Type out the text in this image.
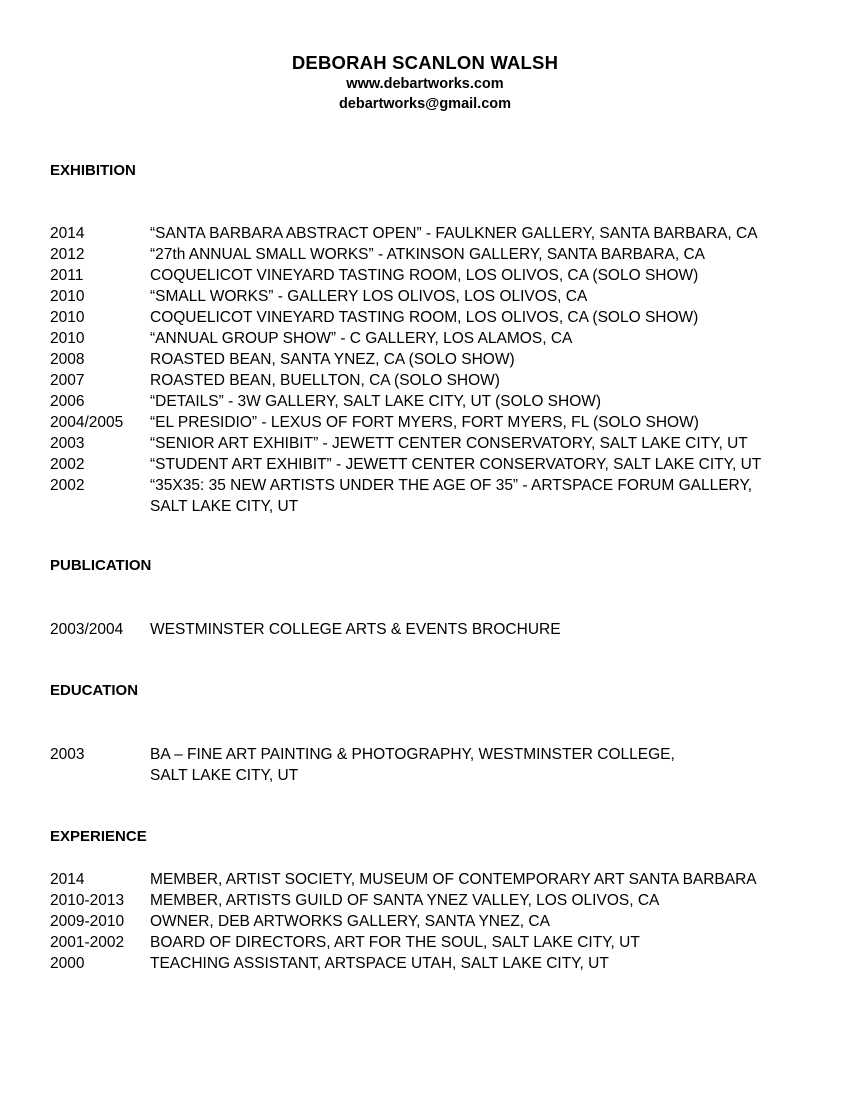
DEBORAH SCANLON WALSH
www.debartworks.com
debartworks@gmail.com
EXHIBITION
2014	“SANTA BARBARA ABSTRACT OPEN” - FAULKNER GALLERY, SANTA BARBARA, CA
2012	“27th ANNUAL SMALL WORKS” - ATKINSON GALLERY, SANTA BARBARA, CA
2011	COQUELICOT VINEYARD TASTING ROOM, LOS OLIVOS, CA (SOLO SHOW)
2010	“SMALL WORKS” - GALLERY LOS OLIVOS, LOS OLIVOS, CA
2010	COQUELICOT VINEYARD TASTING ROOM, LOS OLIVOS, CA (SOLO SHOW)
2010	“ANNUAL GROUP SHOW” - C GALLERY, LOS ALAMOS, CA
2008	ROASTED BEAN, SANTA YNEZ, CA (SOLO SHOW)
2007	ROASTED BEAN, BUELLTON, CA (SOLO SHOW)
2006	“DETAILS” - 3W GALLERY, SALT LAKE CITY, UT (SOLO SHOW)
2004/2005	“EL PRESIDIO” - LEXUS OF FORT MYERS, FORT MYERS, FL (SOLO SHOW)
2003	“SENIOR ART EXHIBIT” - JEWETT CENTER CONSERVATORY, SALT LAKE CITY, UT
2002	“STUDENT ART EXHIBIT” - JEWETT CENTER CONSERVATORY, SALT LAKE CITY, UT
2002	“35X35: 35 NEW ARTISTS UNDER THE AGE OF 35” - ARTSPACE FORUM GALLERY,
SALT LAKE CITY, UT
PUBLICATION
2003/2004	WESTMINSTER COLLEGE ARTS & EVENTS BROCHURE
EDUCATION
2003	BA – FINE ART PAINTING & PHOTOGRAPHY, WESTMINSTER COLLEGE,
SALT LAKE CITY, UT
EXPERIENCE
2014	MEMBER, ARTIST SOCIETY, MUSEUM OF CONTEMPORARY ART SANTA BARBARA
2010-2013	MEMBER, ARTISTS GUILD OF SANTA YNEZ VALLEY, LOS OLIVOS, CA
2009-2010	OWNER, DEB ARTWORKS GALLERY, SANTA YNEZ, CA
2001-2002	BOARD OF DIRECTORS, ART FOR THE SOUL, SALT LAKE CITY, UT
2000	TEACHING ASSISTANT, ARTSPACE UTAH, SALT LAKE CITY, UT
